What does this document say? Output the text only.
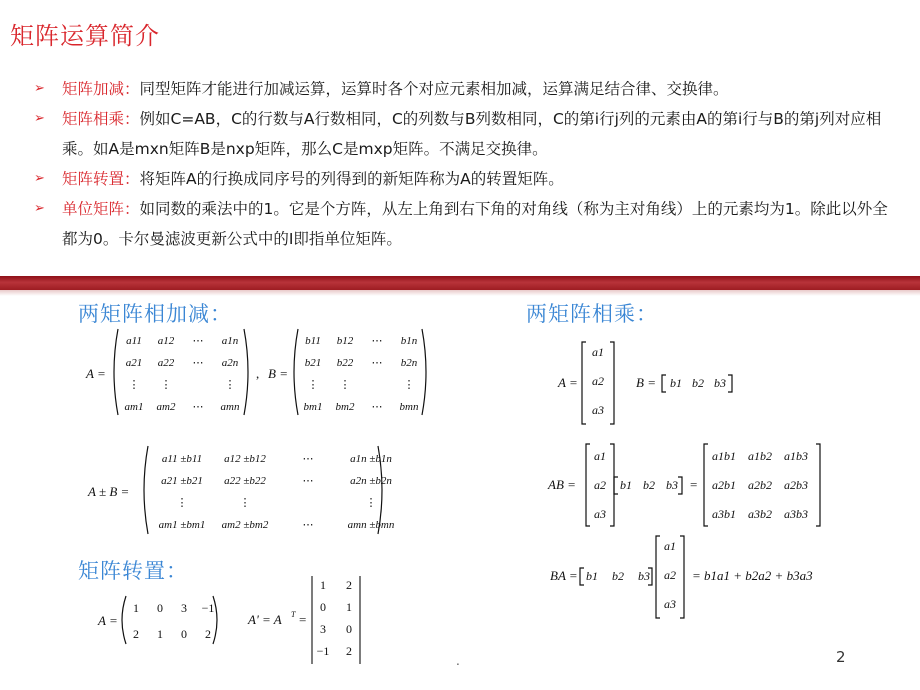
矩阵运算简介
➢ 矩阵加减：同型矩阵才能进行加减运算，运算时各个对应元素相加减，运算满足结合律、交换律。
➢ 矩阵相乘：例如C=AB，C的行数与A行数相同，C的列数与B列数相同，C的第i行j列的元素由A的第i行与B的第j列对应相乘。如A是mxn矩阵B是nxp矩阵，那么C是mxp矩阵。不满足交换律。
➢ 矩阵转置：将矩阵A的行换成同序号的列得到的新矩阵称为A的转置矩阵。
➢ 单位矩阵：如同数的乘法中的1。它是个方阵，从左上角到右下角的对角线（称为主对角线）上的元素均为1。除此以外全都为0。卡尔曼滤波更新公式中的I即指单位矩阵。
两矩阵相加减：	两矩阵相乘：
矩阵转置：
A =
a11 a12 ⋯ a1n
a21 a22 ⋯ a2n
⋮ ⋮	⋮
am1 am2 ⋯ amn
, B =
b11 b12 ⋯ b1n
b21 b22 ⋯ b2n
⋮ ⋮	⋮
bm1 bm2 ⋯ bmn
A ± B =
a11 ±b11 a12 ±b12	⋯	a1n ±b1n
a21 ±b21 a22 ±b22	⋯	a2n ±b2n
⋮	⋮	⋮
am1 ±bm1 am2 ±bm2	⋯	amn ±bmn
A =
1 0 3 −1
2 1 0 2
A' = A T =
1 2
0 1
3 0
−1 2
A =
a1
a2
a3
B = b1 b2 b3
AB =
a1
a2
a3
b1 b2 b3 =
a1b1 a1b2 a1b3
a2b1 a2b2 a2b3
a3b1 a3b2 a3b3
BA = b1 b2 b3
a1
a2
a3
= b1a1 + b2a2 + b3a3
.	2
